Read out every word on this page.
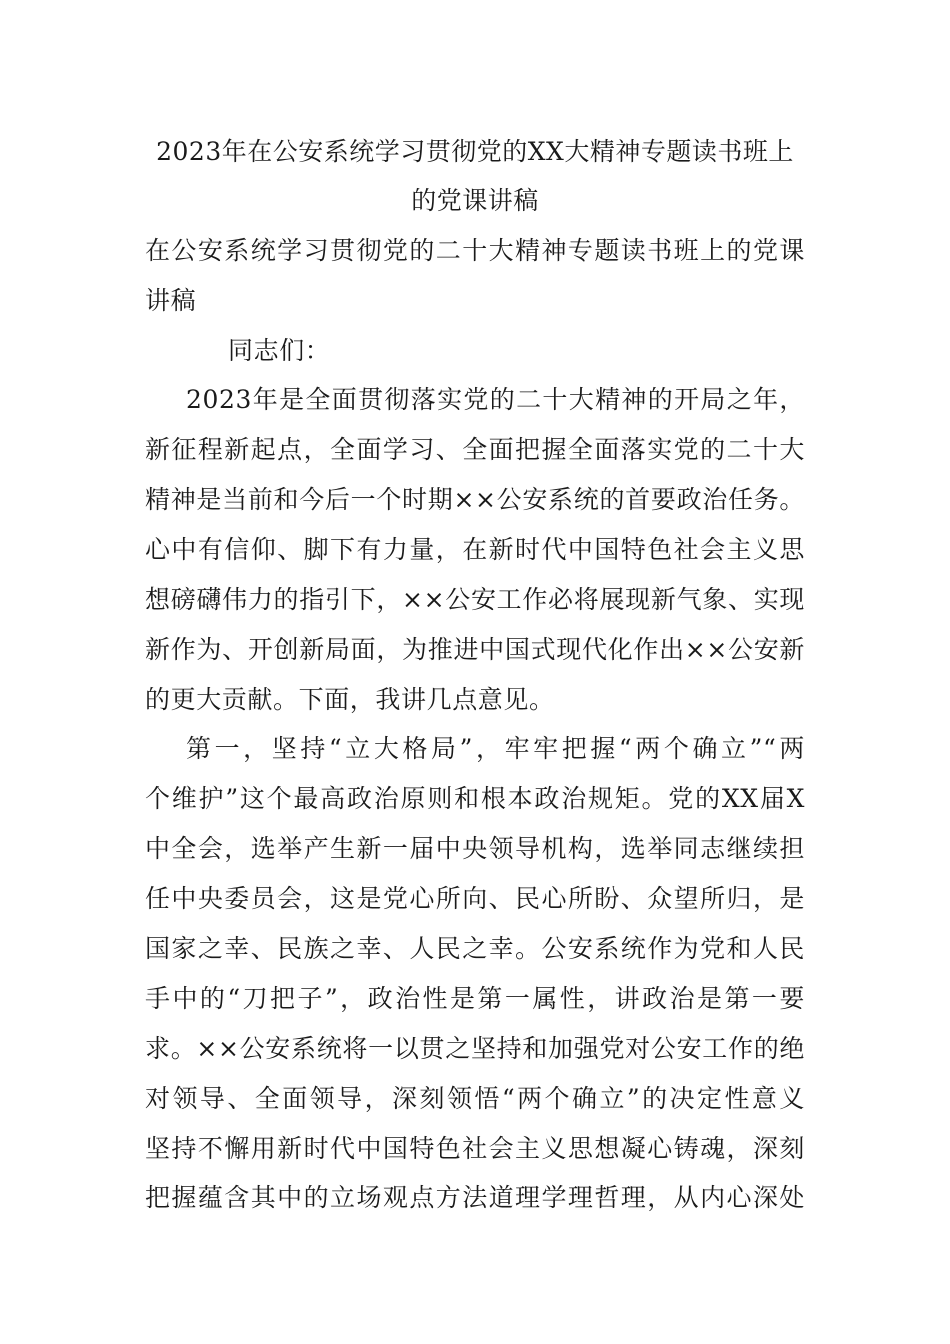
2023年在公安系统学习贯彻党的XX大精神专题读书班上
的党课讲稿
在公安系统学习贯彻党的二十大精神专题读书班上的党课
讲稿
同志们：
2023年是全面贯彻落实党的二十大精神的开局之年，
新征程新起点，全面学习、全面把握全面落实党的二十大
精神是当前和今后一个时期××公安系统的首要政治任务。
心中有信仰、脚下有力量，在新时代中国特色社会主义思
想磅礴伟力的指引下，××公安工作必将展现新气象、实现
新作为、开创新局面，为推进中国式现代化作出××公安新
的更大贡献。下面，我讲几点意见。
第一，坚持“立大格局”，牢牢把握“两个确立”“两
个维护”这个最高政治原则和根本政治规矩。党的XX届X
中全会，选举产生新一届中央领导机构，选举同志继续担
任中央委员会，这是党心所向、民心所盼、众望所归，是
国家之幸、民族之幸、人民之幸。公安系统作为党和人民
手中的“刀把子”，政治性是第一属性，讲政治是第一要
求。××公安系统将一以贯之坚持和加强党对公安工作的绝
对领导、全面领导，深刻领悟“两个确立”的决定性意义
坚持不懈用新时代中国特色社会主义思想凝心铸魂，深刻
把握蕴含其中的立场观点方法道理学理哲理，从内心深处
